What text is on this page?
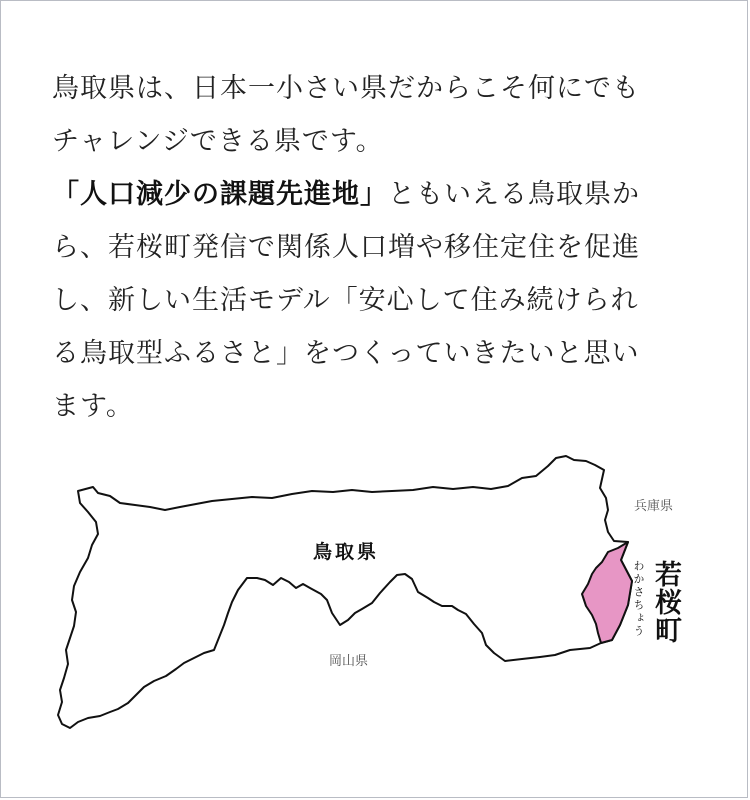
鳥取県は、日本一小さい県だからこそ何にでも

チャレンジできる県です。

「人口減少の課題先進地」ともいえる鳥取県か

ら、若桜町発信で関係人口増や移住定住を促進

し、新しい生活モデル「安心して住み続けられ

る鳥取型ふるさと」をつくっていきたいと思い

ます。

鳥取県
岡山県
兵庫県
わかさちょう 若桜町
